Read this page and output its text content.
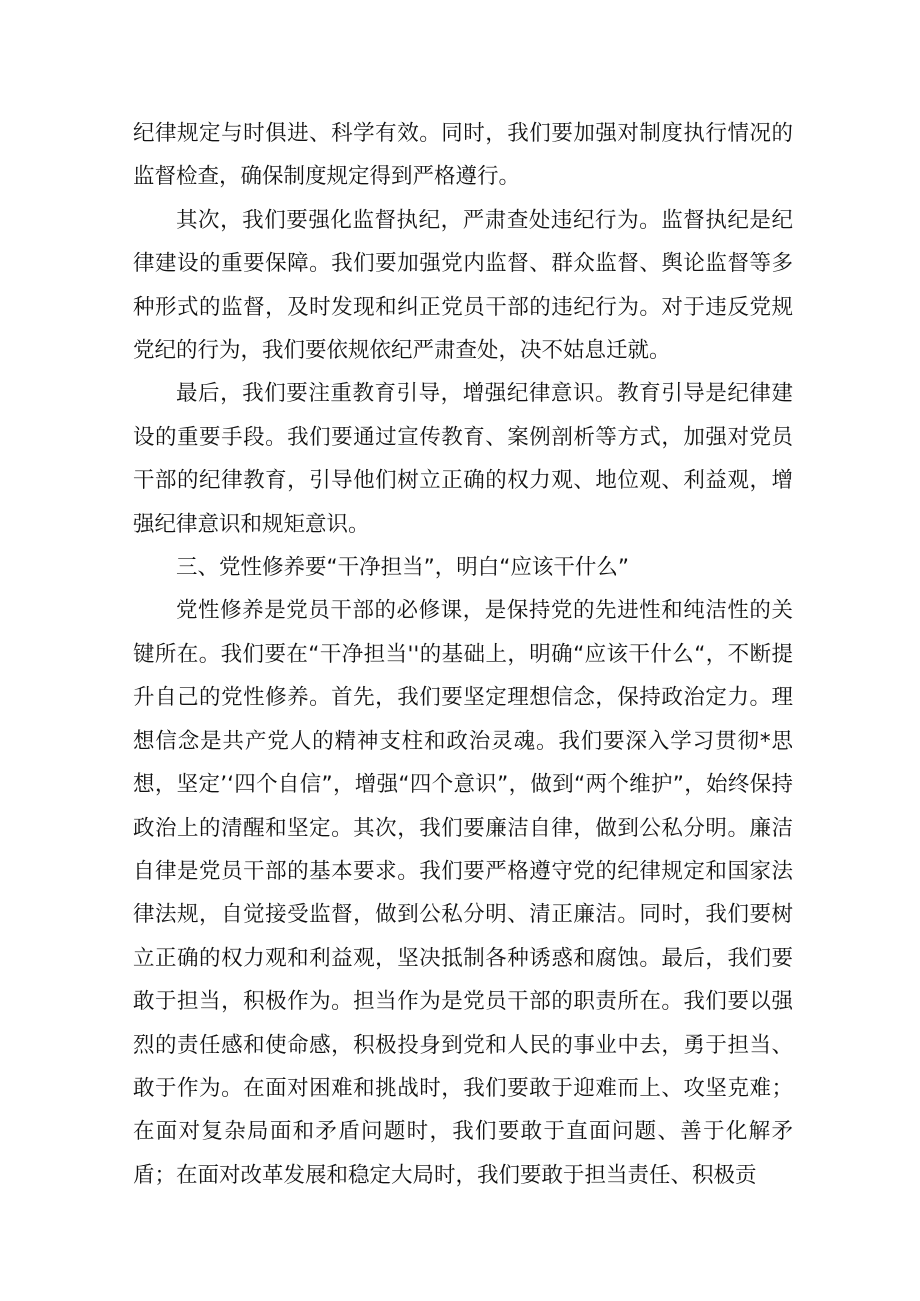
纪律规定与时俱进、科学有效。同时，我们要加强对制度执行情况的监督检查，确保制度规定得到严格遵行。

其次，我们要强化监督执纪，严肃查处违纪行为。监督执纪是纪律建设的重要保障。我们要加强党内监督、群众监督、舆论监督等多种形式的监督，及时发现和纠正党员干部的违纪行为。对于违反党规党纪的行为，我们要依规依纪严肃查处，决不姑息迁就。

最后，我们要注重教育引导，增强纪律意识。教育引导是纪律建设的重要手段。我们要通过宣传教育、案例剖析等方式，加强对党员干部的纪律教育，引导他们树立正确的权力观、地位观、利益观，增强纪律意识和规矩意识。

三、党性修养要“干净担当”，明白“应该干什么”

党性修养是党员干部的必修课，是保持党的先进性和纯洁性的关键所在。我们要在“干净担当''的基础上，明确“应该干什么“，不断提升自己的党性修养。首先，我们要坚定理想信念，保持政治定力。理想信念是共产党人的精神支柱和政治灵魂。我们要深入学习贯彻*思想，坚定’‘四个自信”，增强“四个意识”，做到“两个维护”，始终保持政治上的清醒和坚定。其次，我们要廉洁自律，做到公私分明。廉洁自律是党员干部的基本要求。我们要严格遵守党的纪律规定和国家法律法规，自觉接受监督，做到公私分明、清正廉洁。同时，我们要树立正确的权力观和利益观，坚决抵制各种诱惑和腐蚀。最后，我们要敢于担当，积极作为。担当作为是党员干部的职责所在。我们要以强烈的责任感和使命感，积极投身到党和人民的事业中去，勇于担当、敢于作为。在面对困难和挑战时，我们要敢于迎难而上、攻坚克难；在面对复杂局面和矛盾问题时，我们要敢于直面问题、善于化解矛盾；在面对改革发展和稳定大局时，我们要敢于担当责任、积极贡
